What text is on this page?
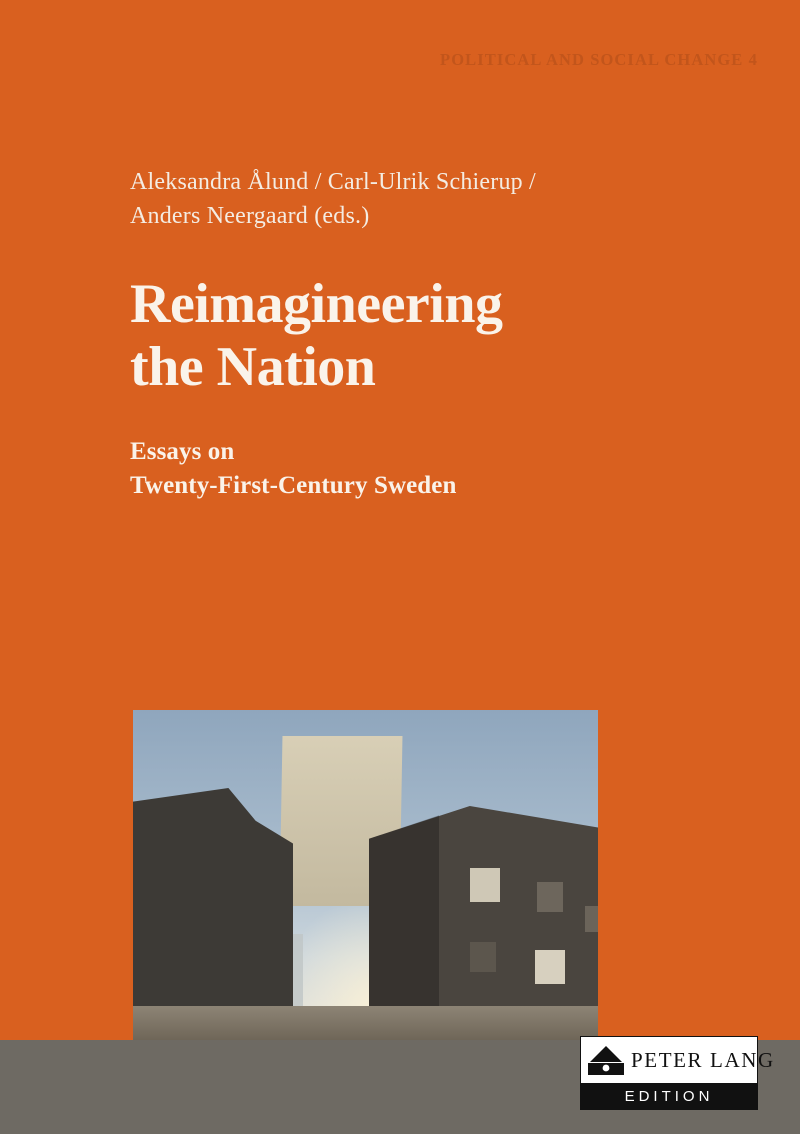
POLITICAL AND SOCIAL CHANGE 4
Aleksandra Ålund / Carl-Ulrik Schierup /
Anders Neergaard (eds.)
Reimagineering
the Nation
Essays on
Twenty-First-Century Sweden
PETER LANG
EDITION
